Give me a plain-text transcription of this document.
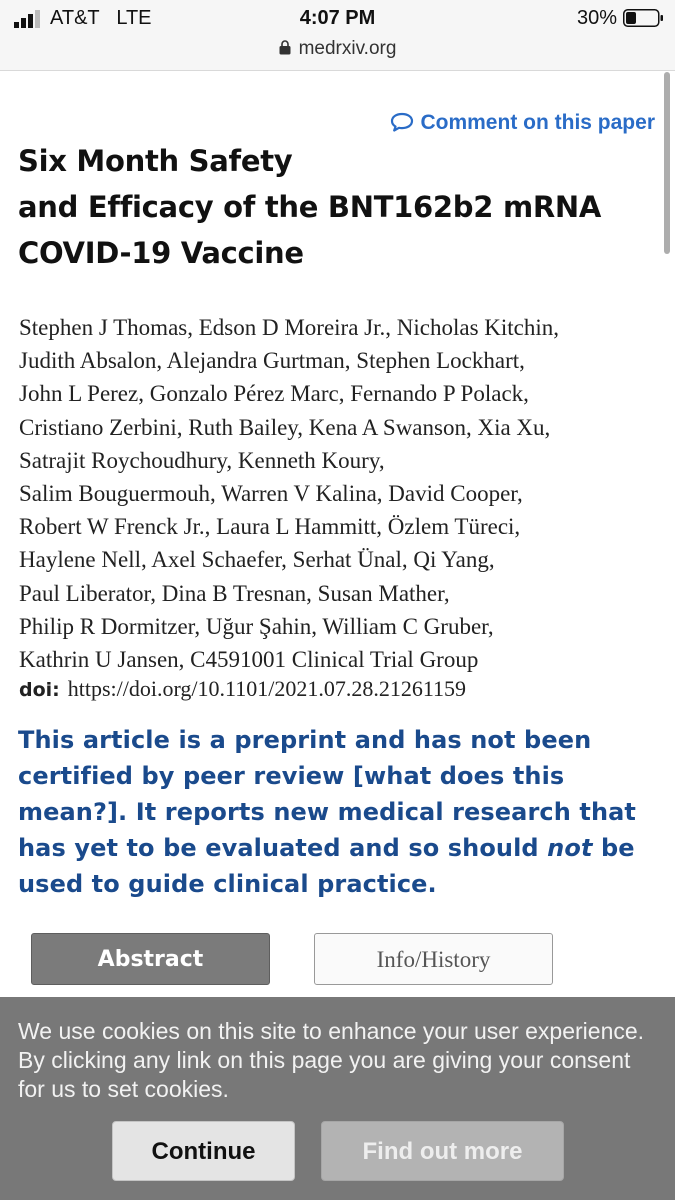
AT&T LTE	4:07 PM	30%
medrxiv.org
Comment on this paper
Six Month Safety
and Efficacy of the BNT162b2 mRNA
COVID-19 Vaccine
Stephen J Thomas, Edson D Moreira Jr., Nicholas Kitchin,
Judith Absalon, Alejandra Gurtman, Stephen Lockhart,
John L Perez, Gonzalo Pérez Marc, Fernando P Polack,
Cristiano Zerbini, Ruth Bailey, Kena A Swanson, Xia Xu,
Satrajit Roychoudhury, Kenneth Koury,
Salim Bouguermouh, Warren V Kalina, David Cooper,
Robert W Frenck Jr., Laura L Hammitt, Özlem Türeci,
Haylene Nell, Axel Schaefer, Serhat Ünal, Qi Yang,
Paul Liberator, Dina B Tresnan, Susan Mather,
Philip R Dormitzer, Uğur Şahin, William C Gruber,
Kathrin U Jansen, C4591001 Clinical Trial Group
doi: https://doi.org/10.1101/2021.07.28.21261159

This article is a preprint and has not been certified by peer review [what does this mean?]. It reports new medical research that has yet to be evaluated and so should not be used to guide clinical practice.

Abstract	Info/History

We use cookies on this site to enhance your user experience. By clicking any link on this page you are giving your consent for us to set cookies.

Continue	Find out more
